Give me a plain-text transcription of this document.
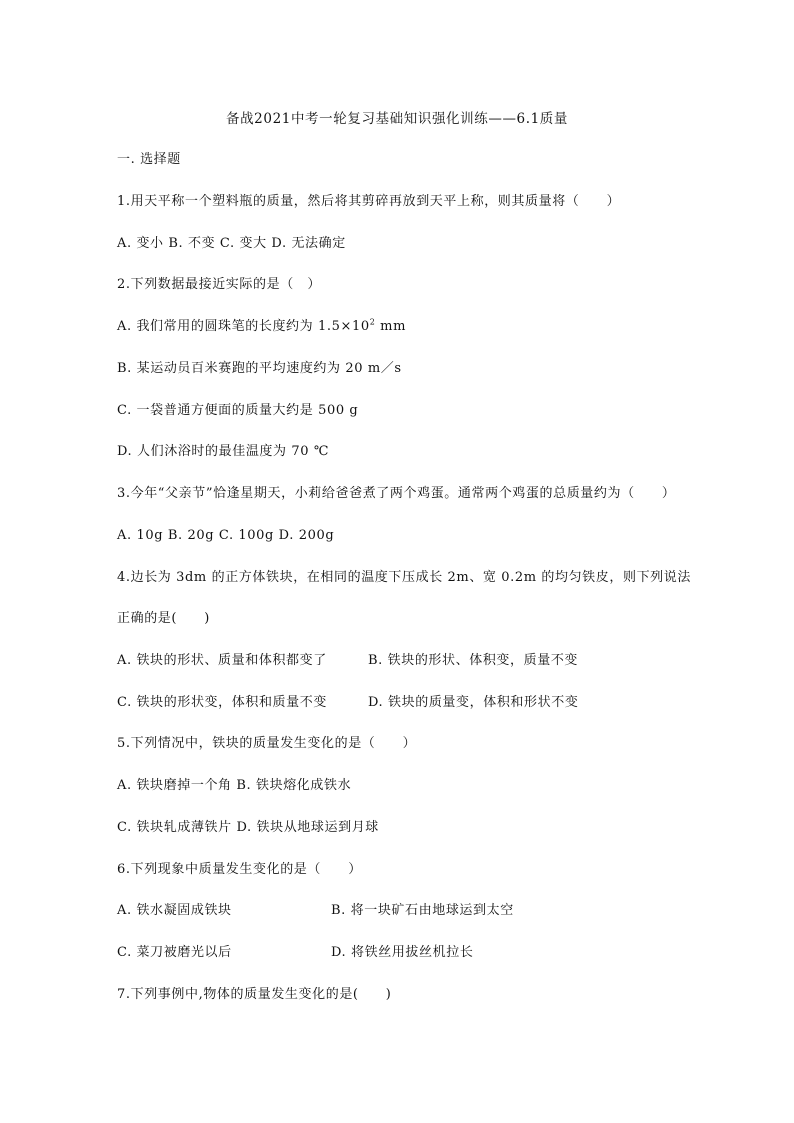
备战2021中考一轮复习基础知识强化训练——6.1质量
一. 选择题
1.用天平称一个塑料瓶的质量，然后将其剪碎再放到天平上称，则其质量将（　　）
A. 变小 B. 不变 C. 变大 D. 无法确定
2.下列数据最接近实际的是（　）
A. 我们常用的圆珠笔的长度约为 $1.5\times 10^2$ mm
B. 某运动员百米赛跑的平均速度约为 20 m／s
C. 一袋普通方便面的质量大约是 500 g
D. 人们沐浴时的最佳温度为 70 ℃
3.今年“父亲节”恰逢星期天，小莉给爸爸煮了两个鸡蛋。通常两个鸡蛋的总质量约为（　　）
A. 10g B. 20g C. 100g D. 200g
4.边长为 3dm 的正方体铁块，在相同的温度下压成长 2m、宽 0.2m 的均匀铁皮，则下列说法
正确的是(　　)
A. 铁块的形状、质量和体积都变了	B. 铁块的形状、体积变，质量不变
C. 铁块的形状变，体积和质量不变	D. 铁块的质量变，体积和形状不变
5.下列情况中，铁块的质量发生变化的是（　　）
A. 铁块磨掉一个角 B. 铁块熔化成铁水
C. 铁块轧成薄铁片 D. 铁块从地球运到月球
6.下列现象中质量发生变化的是（　　）
A. 铁水凝固成铁块	B. 将一块矿石由地球运到太空
C. 菜刀被磨光以后	D. 将铁丝用拔丝机拉长
7.下列事例中,物体的质量发生变化的是(　　)
